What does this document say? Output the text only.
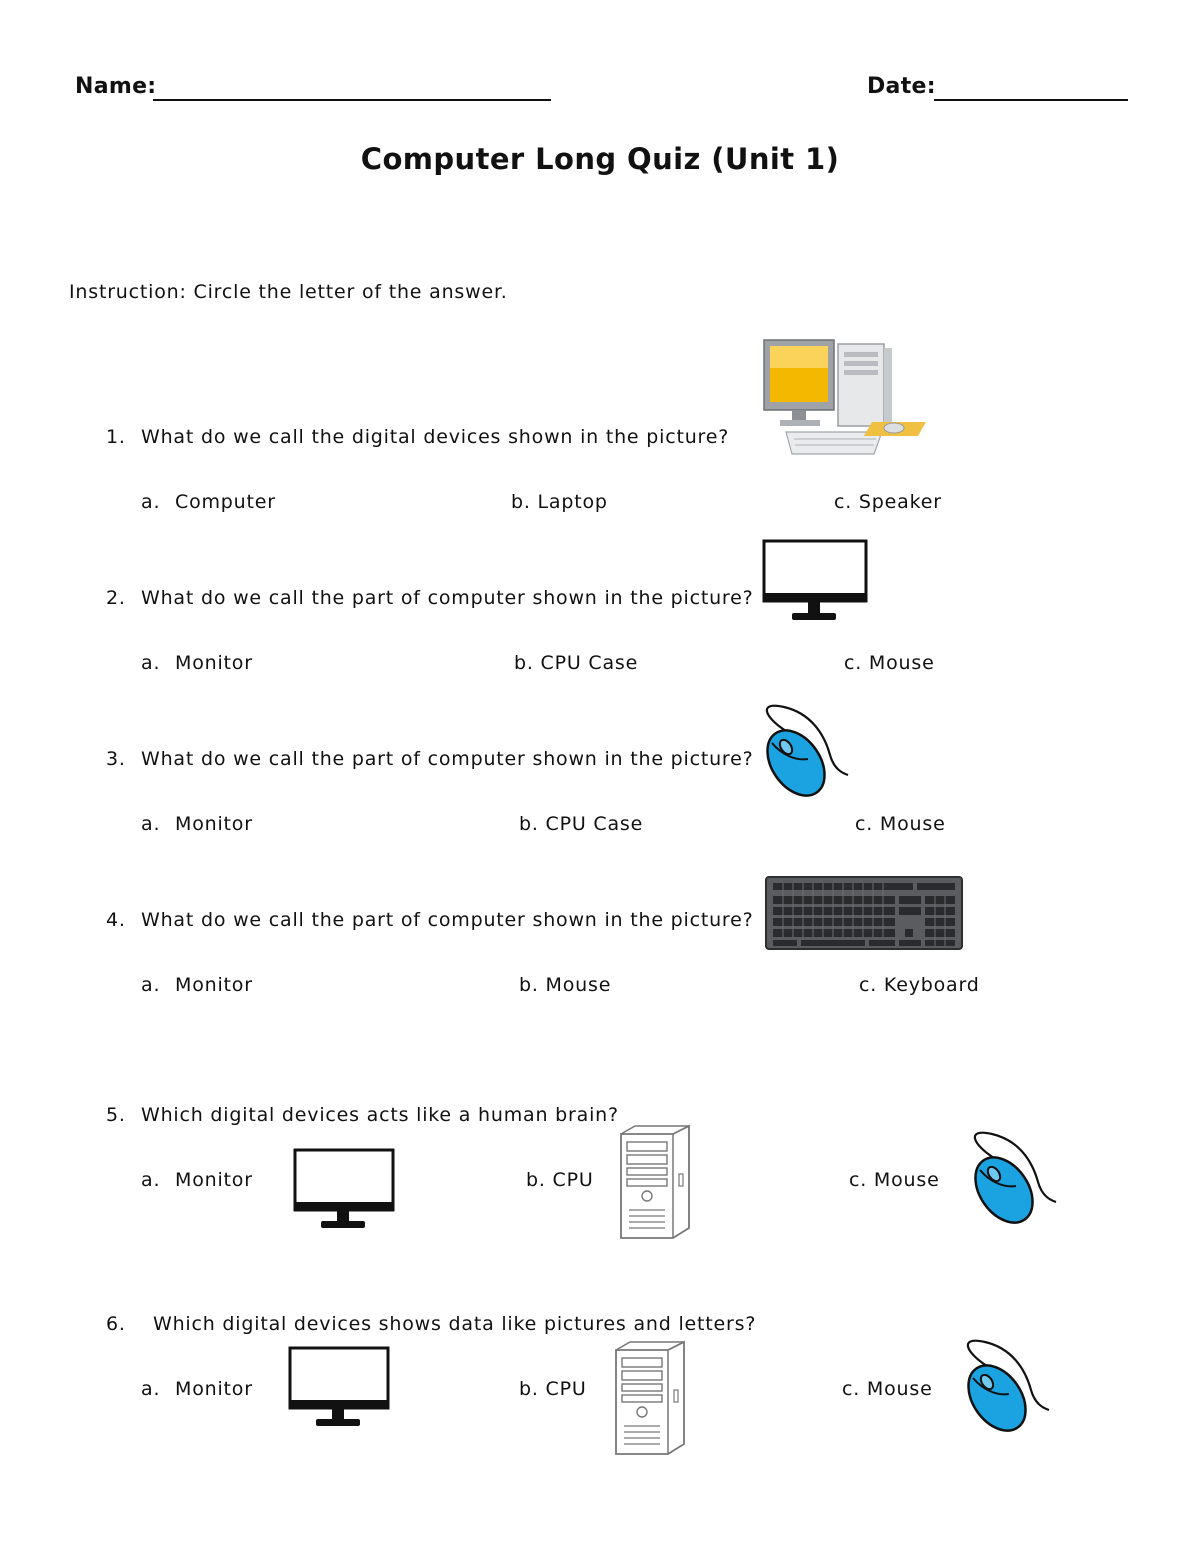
Name:	Date:
Computer Long Quiz (Unit 1)
Instruction: Circle the letter of the answer.
1. What do we call the digital devices shown in the picture?
a. Computer	b. Laptop	c. Speaker
2. What do we call the part of computer shown in the picture?
a. Monitor	b. CPU Case	c. Mouse
3. What do we call the part of computer shown in the picture?
a. Monitor	b. CPU Case	c. Mouse
4. What do we call the part of computer shown in the picture?
a. Monitor	b. Mouse	c. Keyboard
5. Which digital devices acts like a human brain?
a. Monitor	b. CPU	c. Mouse
6. Which digital devices shows data like pictures and letters?
a. Monitor	b. CPU	c. Mouse
